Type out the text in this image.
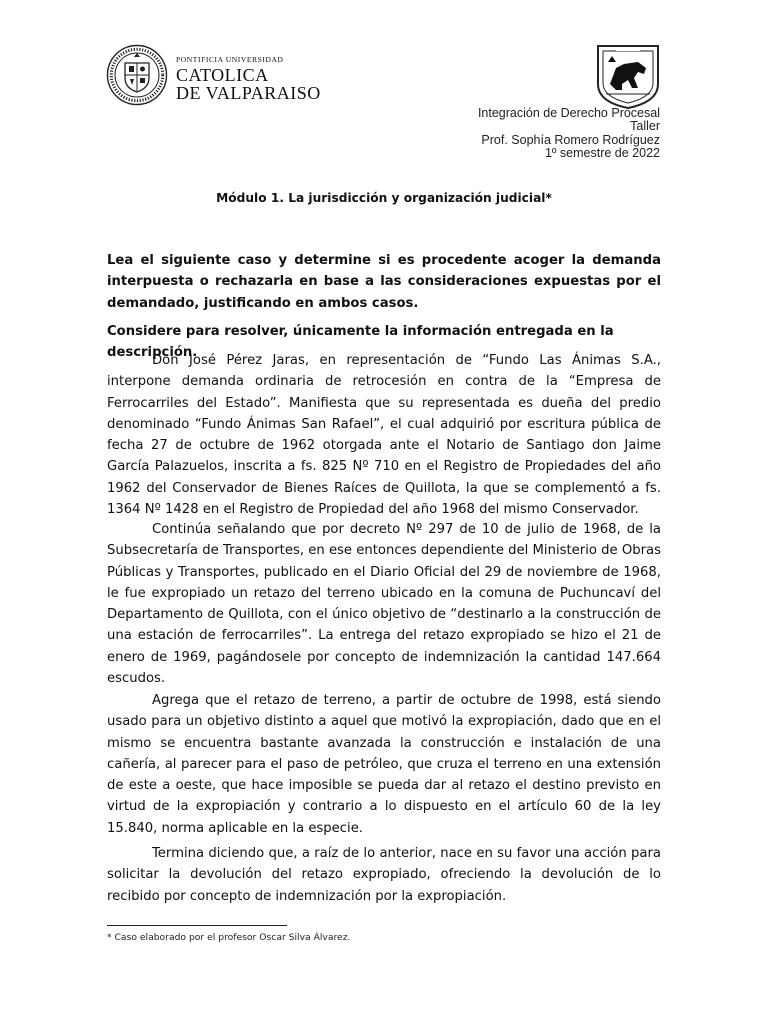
PONTIFICIA UNIVERSIDAD
CATOLICA
DE VALPARAISO
Integración de Derecho Procesal
Taller
Prof. Sophía Romero Rodríguez
1º semestre de 2022
Módulo 1. La jurisdicción y organización judicial*
Lea el siguiente caso y determine si es procedente acoger la demanda interpuesta o rechazarla en base a las consideraciones expuestas por el demandado, justificando en ambos casos.
Considere para resolver, únicamente la información entregada en la descripción.
Don José Pérez Jaras, en representación de “Fundo Las Ánimas S.A., interpone demanda ordinaria de retrocesión en contra de la “Empresa de Ferrocarriles del Estado”. Manifiesta que su representada es dueña del predio denominado “Fundo Ánimas San Rafael”, el cual adquirió por escritura pública de fecha 27 de octubre de 1962 otorgada ante el Notario de Santiago don Jaime García Palazuelos, inscrita a fs. 825 Nº 710 en el Registro de Propiedades del año 1962 del Conservador de Bienes Raíces de Quillota, la que se complementó a fs. 1364 Nº 1428 en el Registro de Propiedad del año 1968 del mismo Conservador.
Continúa señalando que por decreto Nº 297 de 10 de julio de 1968, de la Subsecretaría de Transportes, en ese entonces dependiente del Ministerio de Obras Públicas y Transportes, publicado en el Diario Oficial del 29 de noviembre de 1968, le fue expropiado un retazo del terreno ubicado en la comuna de Puchuncaví del Departamento de Quillota, con el único objetivo de “destinarlo a la construcción de una estación de ferrocarriles”. La entrega del retazo expropiado se hizo el 21 de enero de 1969, pagándosele por concepto de indemnización la cantidad 147.664 escudos.
Agrega que el retazo de terreno, a partir de octubre de 1998, está siendo usado para un objetivo distinto a aquel que motivó la expropiación, dado que en el mismo se encuentra bastante avanzada la construcción e instalación de una cañería, al parecer para el paso de petróleo, que cruza el terreno en una extensión de este a oeste, que hace imposible se pueda dar al retazo el destino previsto en virtud de la expropiación y contrario a lo dispuesto en el artículo 60 de la ley 15.840, norma aplicable en la especie.
Termina diciendo que, a raíz de lo anterior, nace en su favor una acción para solicitar la devolución del retazo expropiado, ofreciendo la devolución de lo recibido por concepto de indemnización por la expropiación.
* Caso elaborado por el profesor Oscar Silva Álvarez.
